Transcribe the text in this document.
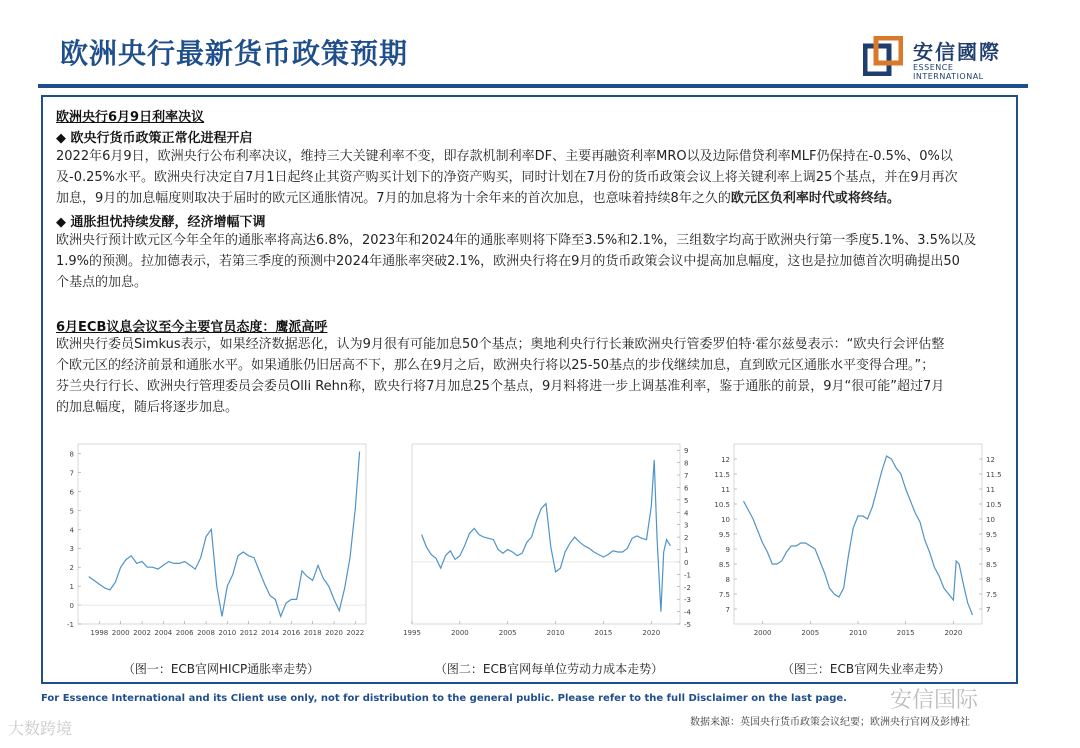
欧洲央行最新货币政策预期	安信國際
ESSENCE INTERNATIONAL
欧洲央行6月9日利率决议
◆ 欧央行货币政策正常化进程开启
2022年6月9日，欧洲央行公布利率决议，维持三大关键利率不变，即存款机制利率DF、主要再融资利率MRO以及边际借贷利率MLF仍保持在-0.5%、0%以
及-0.25%水平。欧洲央行决定自7月1日起终止其资产购买计划下的净资产购买，同时计划在7月份的货币政策会议上将关键利率上调25个基点，并在9月再次
加息，9月的加息幅度则取决于届时的欧元区通胀情况。7月的加息将为十余年来的首次加息，也意味着持续8年之久的欧元区负利率时代或将终结。
◆ 通胀担忧持续发酵，经济增幅下调
欧洲央行预计欧元区今年全年的通胀率将高达6.8%，2023年和2024年的通胀率则将下降至3.5%和2.1%，三组数字均高于欧洲央行第一季度5.1%、3.5%以及
1.9%的预测。拉加德表示，若第三季度的预测中2024年通胀率突破2.1%，欧洲央行将在9月的货币政策会议中提高加息幅度，这也是拉加德首次明确提出50
个基点的加息。
6月ECB议息会议至今主要官员态度：鹰派高呼
欧洲央行委员Simkus表示，如果经济数据恶化，认为9月很有可能加息50个基点；奥地利央行行长兼欧洲央行管委罗伯特·霍尔兹曼表示：“欧央行会评估整
个欧元区的经济前景和通胀水平。如果通胀仍旧居高不下，那么在9月之后，欧洲央行将以25-50基点的步伐继续加息，直到欧元区通胀水平变得合理。”；
芬兰央行行长、欧洲央行管理委员会委员Olli Rehn称，欧央行将7月加息25个基点，9月料将进一步上调基准利率，鉴于通胀的前景，9月“很可能”超过7月
的加息幅度，随后将逐步加息。
-1
0
1
2
3
4
5
6
7
8
1998 2000 2002 2004 2006 2008 2010 2012 2014 2016 2018 2020 2022
-5
-4
-3
-2
-1
0
1
2
3
4
5
6
7
8
9
1995	2000	2005	2010	2015	2020
7	7
7.5	7.5
8	8
8.5	8.5
9	9
9.5	9.5
10	10
10.5	10.5
11	11
11.5	11.5
12	12
2000	2005	2010	2015	2020
（图一：ECB官网HICP通胀率走势）	（图二：ECB官网每单位劳动力成本走势）	（图三：ECB官网失业率走势）
For Essence International and its Client use only, not for distribution to the general public. Please refer to the full Disclaimer on the last page.
数据来源：英国央行货币政策会议纪要；欧洲央行官网及彭博社
大数跨境
安信国际
